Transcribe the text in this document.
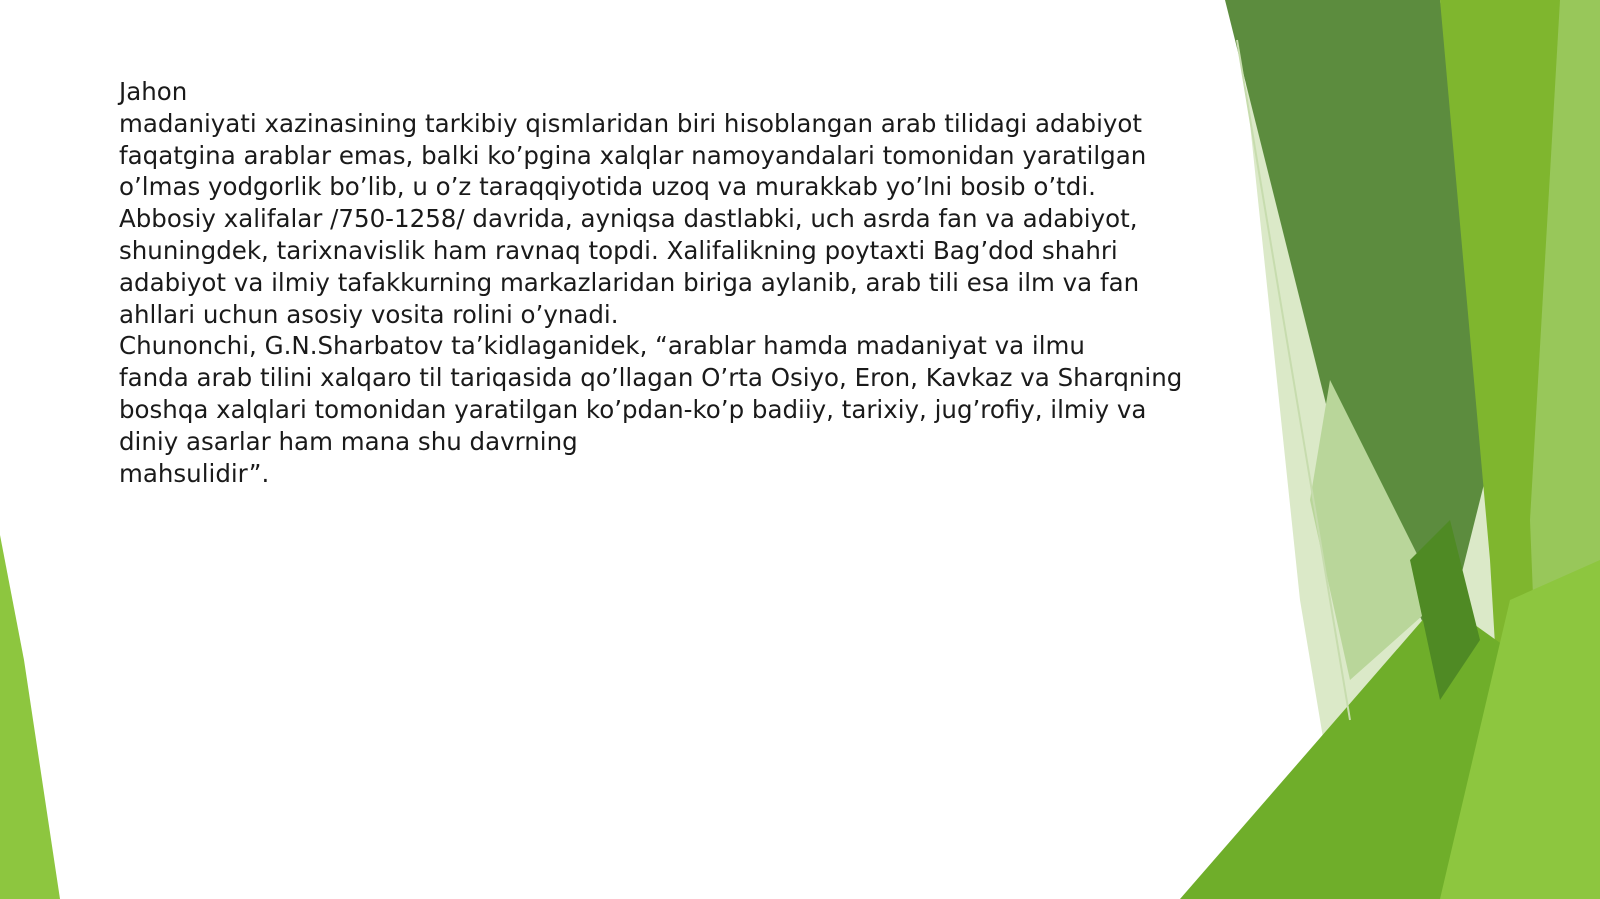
Jahon
madaniyati xazinasining tarkibiy qismlaridan biri hisoblangan arab tilidagi adabiyot
faqatgina arablar emas, balki ko’pgina xalqlar namoyandalari tomonidan yaratilgan
o’lmas yodgorlik bo’lib, u o’z taraqqiyotida uzoq va murakkab yo’lni bosib o’tdi.
Abbosiy xalifalar /750-1258/ davrida, ayniqsa dastlabki, uch asrda fan va adabiyot,
shuningdek, tarixnavislik ham ravnaq topdi. Xalifalikning poytaxti Bag’dod shahri
adabiyot va ilmiy tafakkurning markazlaridan biriga aylanib, arab tili esa ilm va fan
ahllari uchun asosiy vosita rolini o’ynadi.
Chunonchi, G.N.Sharbatov ta’kidlaganidek, “arablar hamda madaniyat va ilmu
fanda arab tilini xalqaro til tariqasida qo’llagan O’rta Osiyo, Eron, Kavkaz va Sharqning
boshqa xalqlari tomonidan yaratilgan ko’pdan-ko’p badiiy, tarixiy, jug’rofiy, ilmiy va
diniy asarlar ham mana shu davrning
mahsulidir”.
